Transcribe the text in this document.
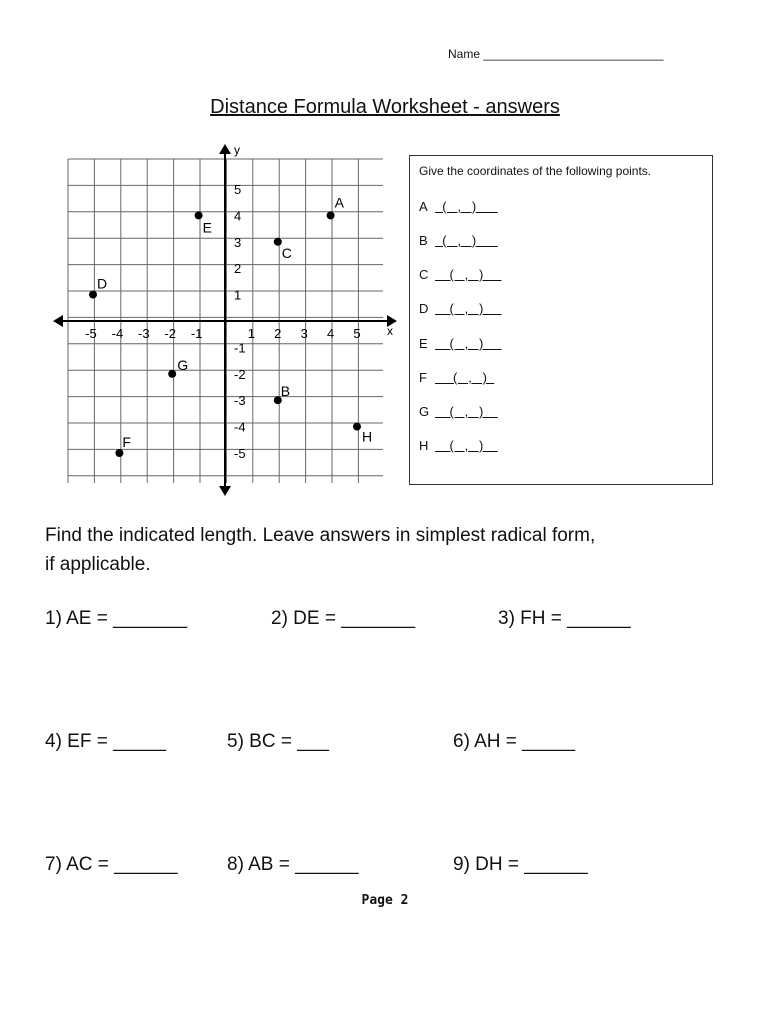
Name ___________________________
Distance Formula Worksheet - answers
x
y
-5 -4 -3 -2 -1	1 2 3 4 5
5
4
3
2
1
-1
-2
-3
-4
-5
A
B
C
D
E
F
G
H
Give the coordinates of the following points.
A  (   ,   )
B  (   ,   )
C    (   ,   )
D    (   ,   )
E    (   ,   )
F     (   ,   )
G    (   ,   )
H    (   ,   )
Find the indicated length. Leave answers in simplest radical form,
if applicable.
1) AE = _______	2) DE = _______	3) FH = ______
4) EF = _____	5) BC = ___	6) AH = _____
7) AC = ______	8) AB = ______	9) DH = ______
Page 2
